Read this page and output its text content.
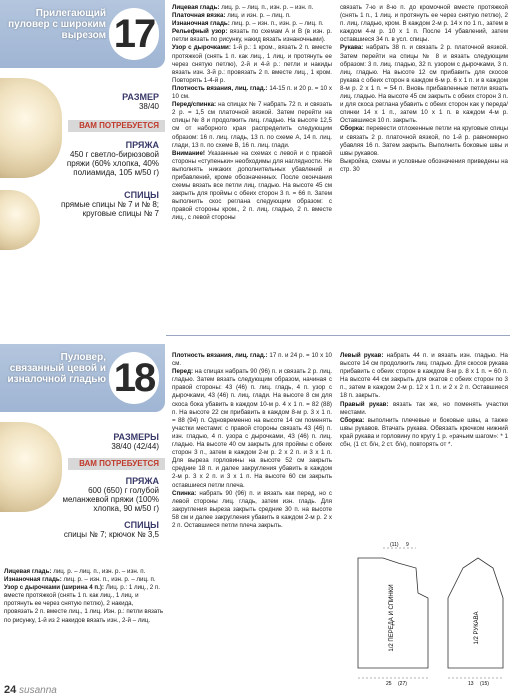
Прилегающий пуловер с широким вырезом 17
РАЗМЕР
38/40
ВАМ ПОТРЕБУЕТСЯ
ПРЯЖА
450 г светло-бирюзовой пряжи (60% хлопка, 40% полиамида, 105 м/50 г)
СПИЦЫ
прямые спицы № 7 и № 8; круговые спицы № 7

Лицевая гладь: лиц. р. – лиц. п., изн. р. – изн. п.

Платочная вязка: лиц. и изн. р. – лиц. п.

Изнаночная гладь: лиц. р. – изн. п., изн. р. – лиц. п.

Рельефный узор: вязать по схемам А и В (в изн. р. петли вязать по рисунку, накид вязать изнаночными).

Узор с дырочками: 1-й р.: 1 кром., вязать 2 п. вместе протяжкой (снять 1 п. как лиц., 1 лиц. и протянуть ее через снятую петлю), 2-й и 4-й р.: петли и накиды вязать изн. 3-й р.: провязать 2 п. вместе лиц., 1 кром. Повторять 1-4-й р.

Плотность вязания, лиц. глад.: 14-15 п. и 20 р. = 10 х 10 см.

Перед/спинка: на спицах № 7 набрать 72 п. и связать 2 р. = 1,5 см платочной вязкой. Затем перейти на спицы № 8 и продолжить лиц. гладью. На высоте 12,5 см от наборного края распределить следующим образом: 16 п. лиц. гладь, 13 п. по схеме А, 14 п. лиц. глади, 13 п. по схеме В, 16 п. лиц. глади.

Внимание! Указанные на схемах с левой и с правой стороны «ступеньки» необходимы для наглядности. Не выполнять никаких дополнительных убавлений и прибавлений, кроме обозначенных. После окончания схемы вязать все петли лиц. гладью. На высоте 45 см закрыть для проймы с обеих сторон 3 п. = 66 п. Затем выполнить скос реглана следующим образом: с правой стороны кром., 2 п. лиц. гладью, 2 п. вместе лиц., с левой стороны

связать 7-ю и 8-ю п. до кромочной вместе протяжкой (снять 1 п., 1 лиц. и протянуть ее через снятую петлю), 2 п. лиц. гладью, кром. В каждом 2-м р. 14 х по 1 п., затем в каждом 4-м р. 10 х 1 п. После 14 убавлений, затем оставшиеся 34 п. в усл. спицы.

Рукава: набрать 38 п. и связать 2 р. платочной вязкой. Затем перейти на спицы № 8 и вязать следующим образом: 3 п. лиц. гладью, 32 п. узором с дырочками, 3 п. лиц. гладью. На высоте 12 см прибавить для скосов рукава с обеих сторон в каждом 6-м р. 6 х 1 п. и в каждом 8-м р. 2 х 1 п. = 54 п. Вновь прибавленные петли вязать лиц. гладью. На высоте 45 см закрыть с обеих сторон 3 п. и для скоса реглана убавить с обеих сторон как у переда/спинки 14 х 1 п., затем 10 х 1 п. в каждом 4-м р. Оставшиеся 10 п. закрыть.

Сборка: перевести отложенные петли на круговые спицы и связать 2 р. платочной вязкой, по 1-й р. равномерно убавляя 16 п. Затем закрыть. Выполнить боковые швы и швы рукавов.

Выкройка, схемы и условные обозначения приведены на стр. 30

Пуловер, связанный цевой и изналочной гладью 18
РАЗМЕРЫ
38/40 (42/44)
ВАМ ПОТРЕБУЕТСЯ
ПРЯЖА
600 (650) г голубой меланжевой пряжи (100% хлопка, 90 м/50 г)
СПИЦЫ
спицы № 7; крючок № 3,5

Плотность вязания, лиц. глад.: 17 п. и 24 р. = 10 х 10 см.

Перед: на спицах набрать 90 (96) п. и связать 2 р. лиц. гладью. Затем вязать следующим образом, начиная с правой стороны: 43 (46) п. лиц. гладь, 4 п. узор с дырочками, 43 (46) п. лиц. глади. На высоте 8 см для скоса бока убавить в каждом 10-м р. 4 х 1 п. = 82 (88) п. На высоте 22 см прибавить в каждом 8-м р. 3 х 1 п. = 88 (94) п. Одновременно на высоте 14 см поменять участки местами: с правой стороны связать 43 (46) п. изн. гладью, 4 п. узора с дырочками, 43 (46) п. лиц. гладью. На высоте 40 см закрыть для проймы с обеих сторон 3 п., затем в каждом 2-м р. 2 х 2 п. и 3 х 1 п. Для выреза горловины на высоте 52 см закрыть средние 18 п. и далее закругления убавить в каждом 2-м р. 3 х 2 п. и 3 х 1 п. На высоте 60 см закрыть оставшиеся петли плеча.

Спинка: набрать 90 (96) п. и вязать как перед, но с левой стороны лиц. гладь, затем изн. гладь. Для закругления выреза закрыть средние 30 п. на высоте 58 см и далее закругления убавить в каждом 2-м р. 2 х 2 п. Оставшиеся петли плеча закрыть.

Левый рукав: набрать 44 п. и вязать изн. гладью. На высоте 14 см продолжить лиц. гладью. Для скосов рукава прибавить с обеих сторон в каждом 8-м р. 8 х 1 п. = 60 п. На высоте 44 см закрыть для окатов с обеих сторон по 3 п., затем в каждом 2-м р. 12 х 1 п. и 2 х 2 п. Оставшиеся 18 п. закрыть.

Правый рукав: вязать так же, но поменять участки местами.

Сборка: выполнить плечевые и боковые швы, а также швы рукавов. Втачать рукава. Обвязать крючком нижний край рукава и горловину по кругу 1 р. «рачьим шагом»: * 1 сбн, (1 ст. б/н, 2 ст. б/н), повторять от *.

Лицевая гладь: лиц. р. – лиц. п., изн. р. – изн. п.

Изнаночная гладь: лиц. р. – изн. п., изн. р. – лиц. п.

Узор с дырочками (ширина 4 п.): Лиц. р.: 1 лиц., 2 п. вместе протяжкой (снять 1 п. как лиц., 1 лиц. и протянуть ее через снятую петлю), 2 накида, провязать 2 п. вместе лиц., 1 лиц. Изн. р.: петли вязать по рисунку, 1-й из 2 накидов вязать изн., 2-й – лиц.	1/2 ПЕРЕДА И СПИНКИ	1/2 РУКАВА
25 (27)	13 (15)
(11) 9
24 susanna
